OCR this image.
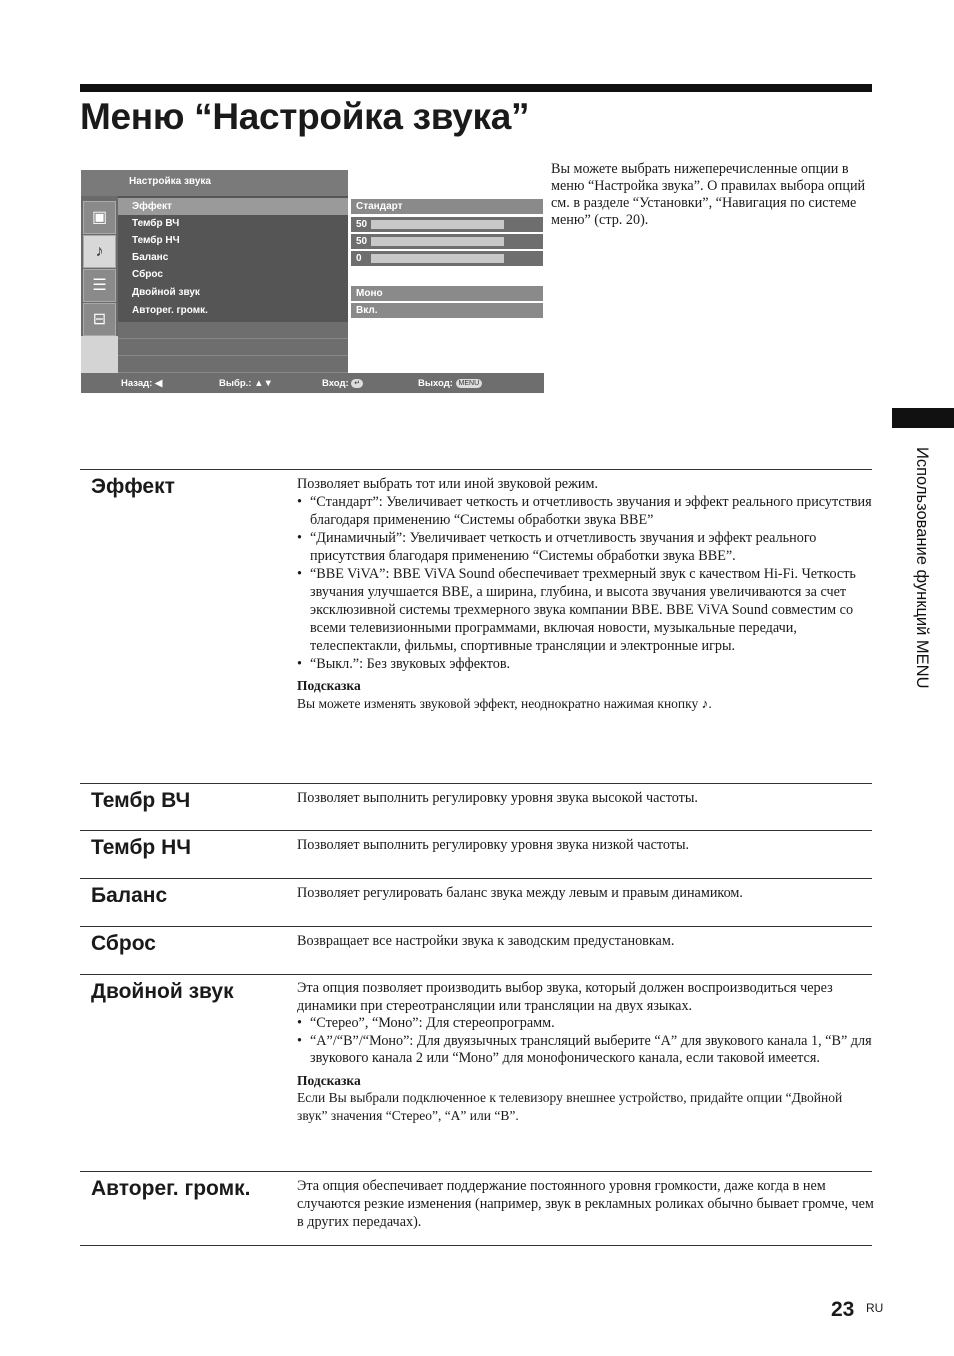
Меню “Настройка звука”

Вы можете выбрать нижеперечисленные опции в меню “Настройка звука”. О правилах выбора опций см. в разделе “Установки”, “Навигация по системе меню” (стр. 20).

Настройка звука
▣
♪
☰
⊟
Эффект
Тембр ВЧ
Тембр НЧ
Баланс
Сброс
Двойной звук
Авторег. громк.
Стандарт
50
50
0
Моно
Вкл.
Назад: ◀	Выбр.: ▲▼	Вход: ↵	Выход: MENU
Использование функций MENU
Эффект	Позволяет выбрать тот или иной звуковой режим.

• “Стандарт”: Увеличивает четкость и отчетливость звучания и эффект реального присутствия благодаря применению “Системы обработки звука BBE”
• “Динамичный”: Увеличивает четкость и отчетливость звучания и эффект реального присутствия благодаря применению “Системы обработки звука BBE”.
• “BBE ViVA”: BBE ViVA Sound обеспечивает трехмерный звук с качеством Hi-Fi. Четкость звучания улучшается BBE, а ширина, глубина, и высота звучания увеличиваются за счет эксклюзивной системы трехмерного звука компании BBE. BBE ViVA Sound совместим со всеми телевизионными программами, включая новости, музыкальные передачи, телеспектакли, фильмы, спортивные трансляции и электронные игры.
• “Выкл.”: Без звуковых эффектов.

Подсказка

Вы можете изменять звуковой эффект, неоднократно нажимая кнопку ♪.

Тембр ВЧ	Позволяет выполнить регулировку уровня звука высокой частоты.

Тембр НЧ	Позволяет выполнить регулировку уровня звука низкой частоты.

Баланс	Позволяет регулировать баланс звука между левым и правым динамиком.

Сброс	Возвращает все настройки звука к заводским предустановкам.

Двойной звук	Эта опция позволяет производить выбор звука, который должен воспроизводиться через динамики при стереотрансляции или трансляции на двух языках.

• “Стерео”, “Моно”: Для стереопрограмм.
• “A”/“B”/“Моно”: Для двуязычных трансляций выберите “A” для звукового канала 1, “B” для звукового канала 2 или “Моно” для монофонического канала, если таковой имеется.

Подсказка

Если Вы выбрали подключенное к телевизору внешнее устройство, придайте опции “Двойной звук” значения “Стерео”, “A” или “B”.

Авторег. громк.	Эта опция обеспечивает поддержание постоянного уровня громкости, даже когда в нем случаются резкие изменения (например, звук в рекламных роликах обычно бывает громче, чем в других передачах).

23 RU
